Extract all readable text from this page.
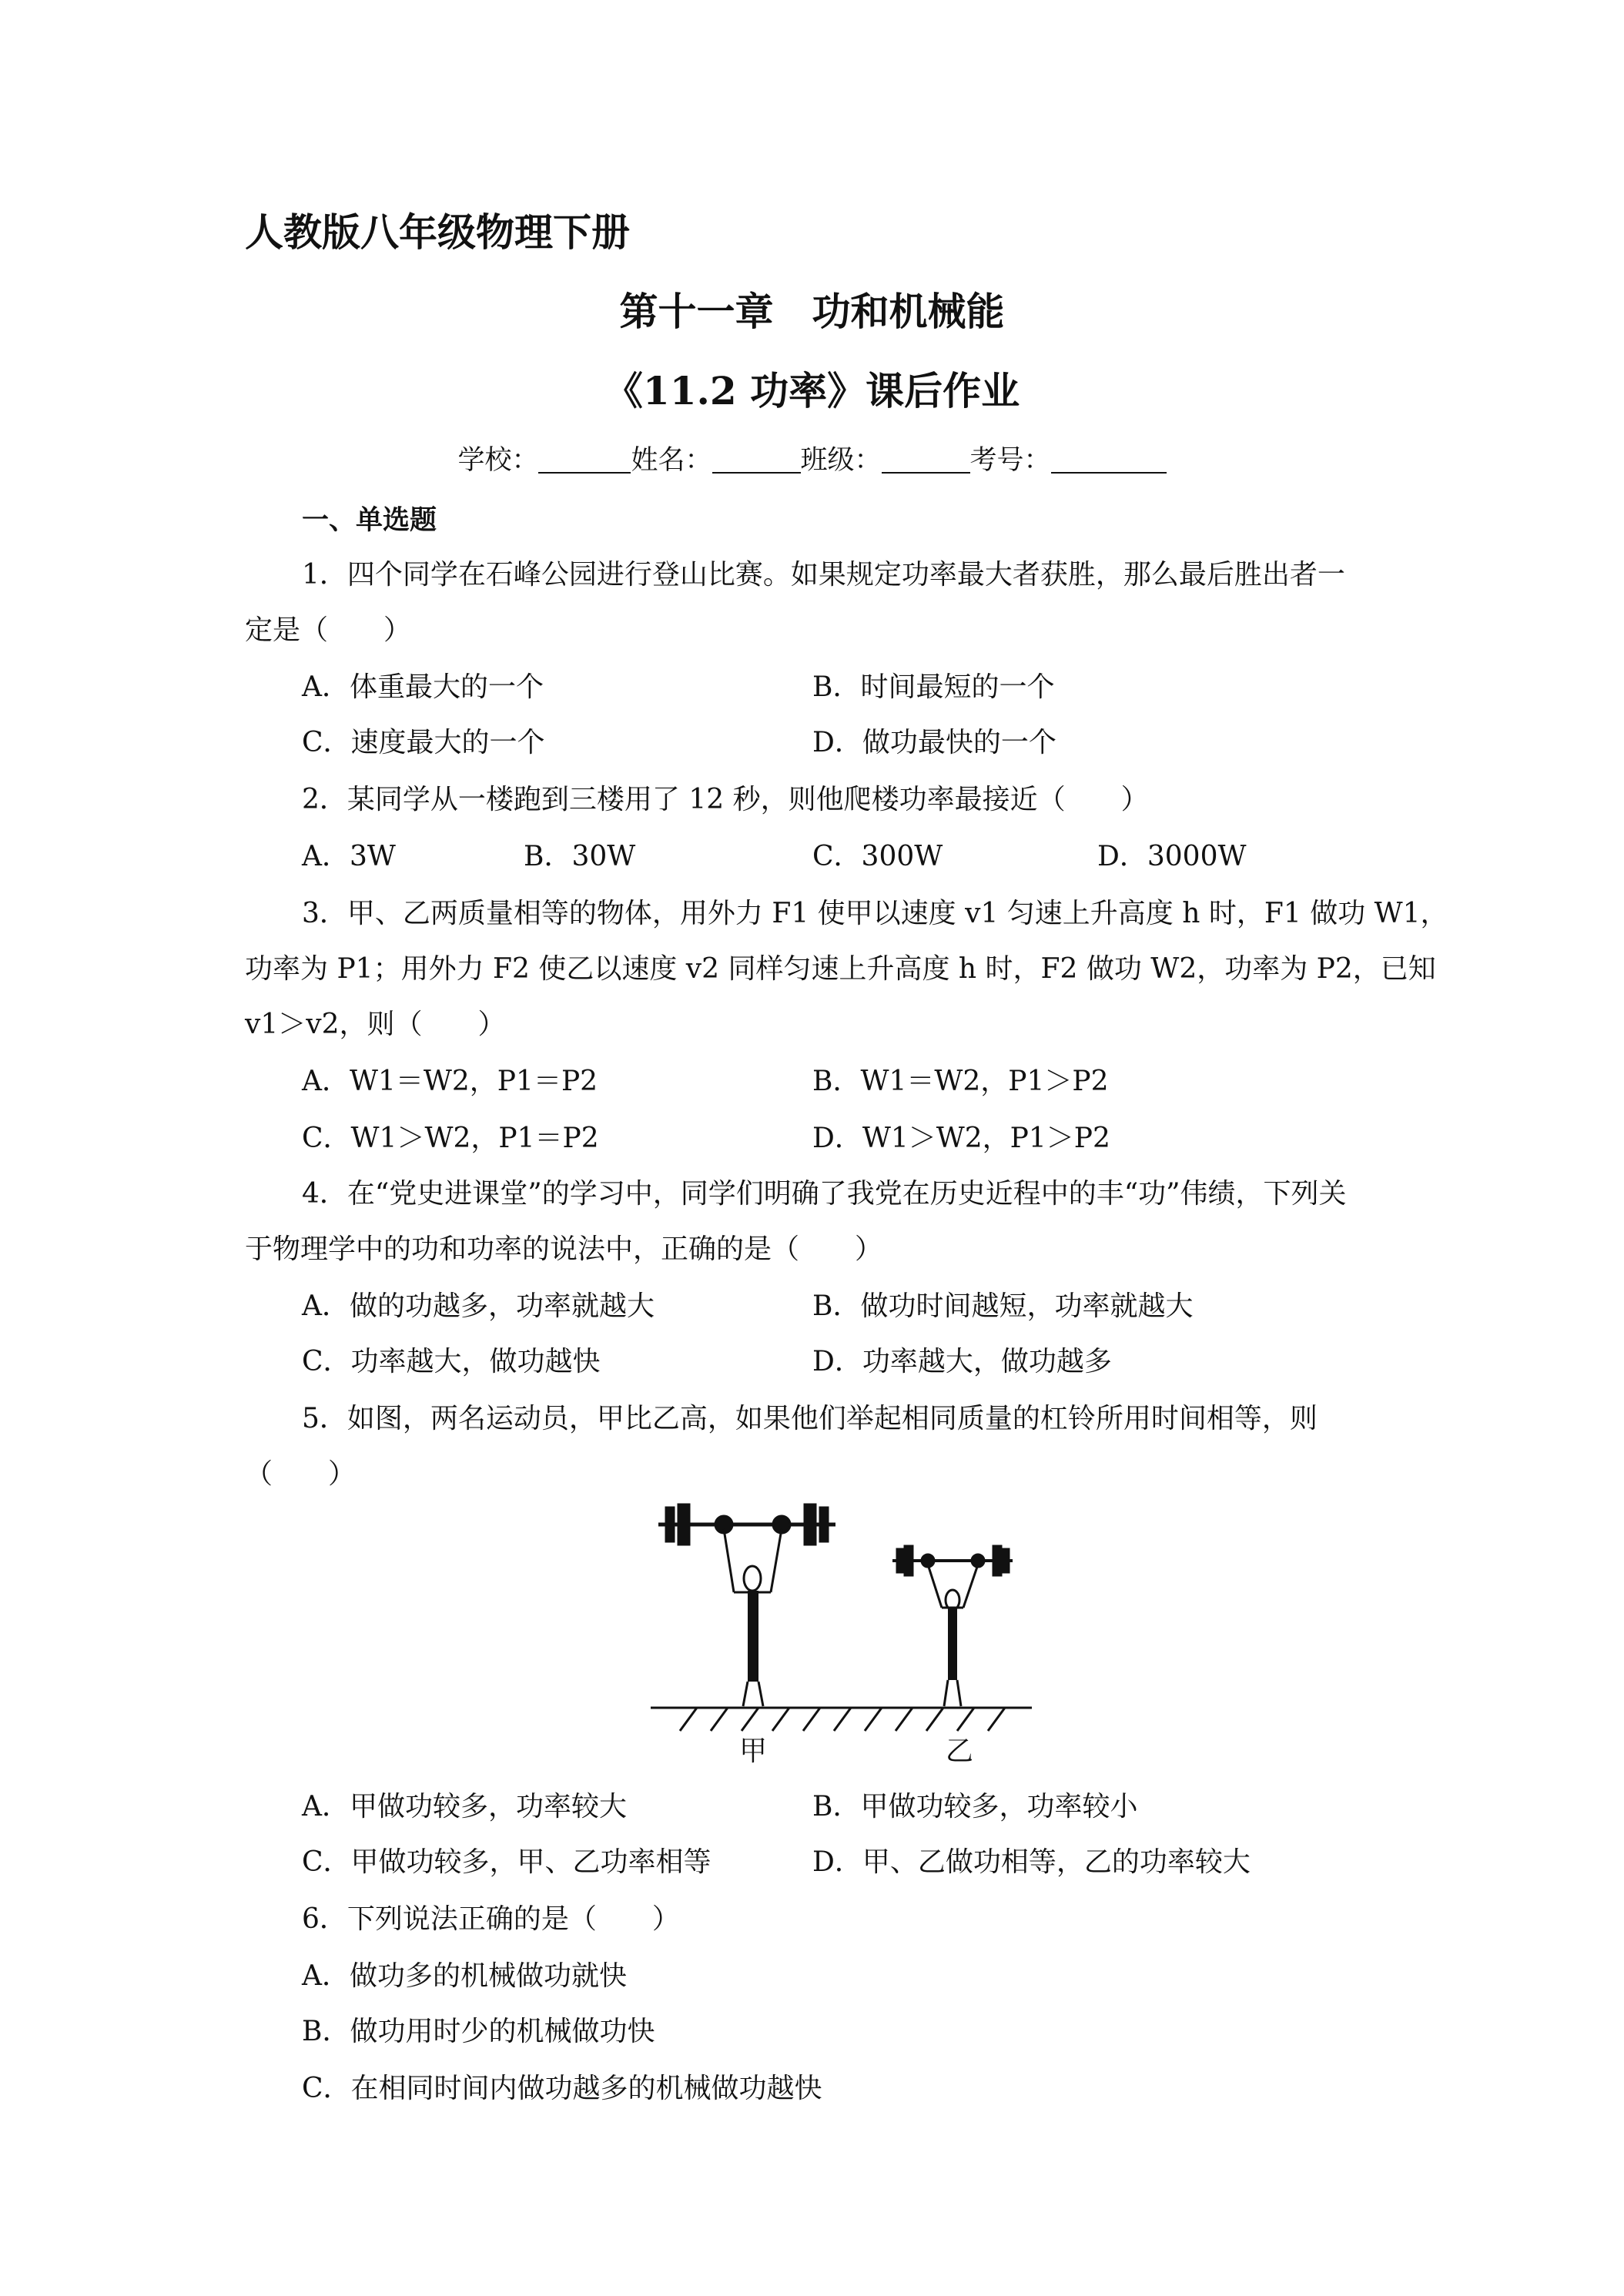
人教版八年级物理下册
第十一章　功和机械能
《11.2 功率》课后作业
学校：	姓名：	班级：	考号：
一、单选题
1．四个同学在石峰公园进行登山比赛。如果规定功率最大者获胜，那么最后胜出者一
定是（　　）
A．体重最大的一个	B．时间最短的一个
C．速度最大的一个	D．做功最快的一个
2．某同学从一楼跑到三楼用了 12 秒，则他爬楼功率最接近（　　）
A．3W	B．30W	C．300W	D．3000W
3．甲、乙两质量相等的物体，用外力 F1 使甲以速度 v1 匀速上升高度 h 时，F1 做功 W1，
功率为 P1；用外力 F2 使乙以速度 v2 同样匀速上升高度 h 时，F2 做功 W2，功率为 P2，已知
v1＞v2，则（　　）
A．W1＝W2，P1＝P2	B．W1＝W2，P1＞P2
C．W1＞W2，P1＝P2	D．W1＞W2，P1＞P2
4．在“党史进课堂”的学习中，同学们明确了我党在历史近程中的丰“功”伟绩，下列关
于物理学中的功和功率的说法中，正确的是（　　）
A．做的功越多，功率就越大	B．做功时间越短，功率就越大
C．功率越大，做功越快	D．功率越大，做功越多
5．如图，两名运动员，甲比乙高，如果他们举起相同质量的杠铃所用时间相等，则
（　　）
甲	乙
A．甲做功较多，功率较大	B．甲做功较多，功率较小
C．甲做功较多，甲、乙功率相等	D．甲、乙做功相等，乙的功率较大
6．下列说法正确的是（　　）
A．做功多的机械做功就快
B．做功用时少的机械做功快
C．在相同时间内做功越多的机械做功越快
